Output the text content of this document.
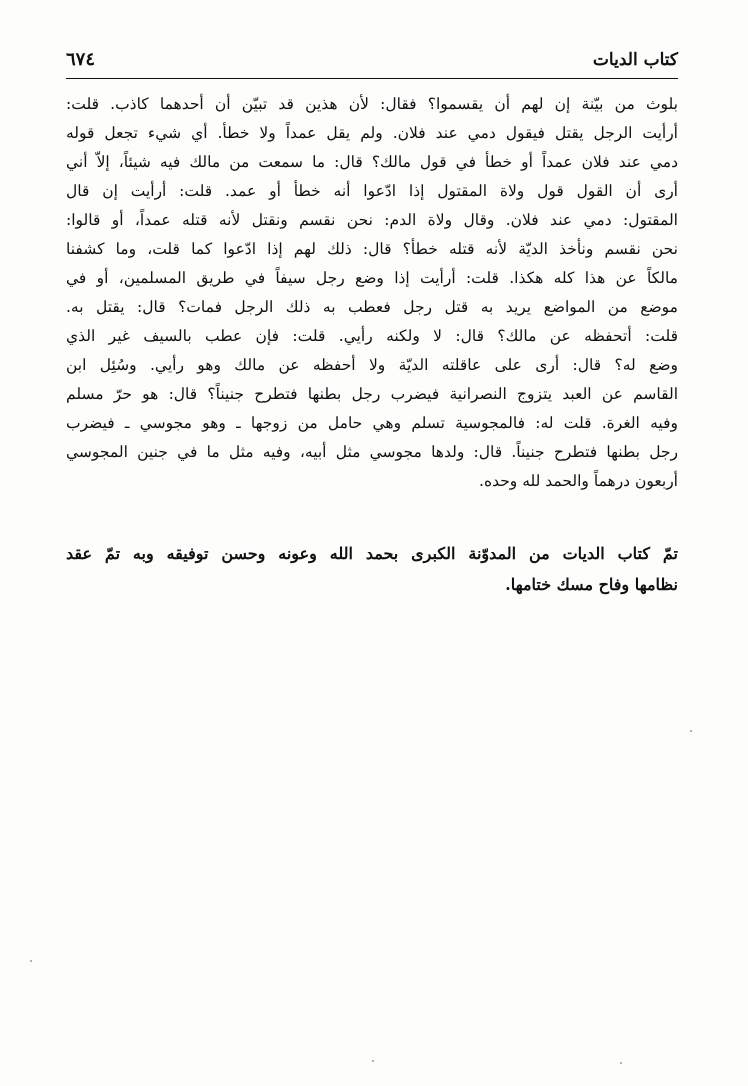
كتاب الديات
٦٧٤
بلوث من بيّنة إن لهم أن يقسموا؟ فقال: لأن هذين قد تبيّن أن أحدهما كاذب. قلت:
أرأيت الرجل يقتل فيقول دمي عند فلان. ولم يقل عمداً ولا خطأ. أي شيء تجعل قوله
دمي عند فلان عمداً أو خطأ في قول مالك؟ قال: ما سمعت من مالك فيه شيئاً، إلاّ أني
أرى أن القول قول ولاة المقتول إذا ادّعوا أنه خطأ أو عمد. قلت: أرأيت إن قال
المقتول: دمي عند فلان. وقال ولاة الدم: نحن نقسم ونقتل لأنه قتله عمداً، أو قالوا:
نحن نقسم ونأخذ الديّة لأنه قتله خطأ؟ قال: ذلك لهم إذا ادّعوا كما قلت، وما كشفنا
مالكاً عن هذا كله هكذا. قلت: أرأيت إذا وضع رجل سيفاً في طريق المسلمين، أو في
موضع من المواضع يريد به قتل رجل فعطب به ذلك الرجل فمات؟ قال: يقتل به.
قلت: أتحفظه عن مالك؟ قال: لا ولكنه رأيي. قلت: فإن عطب بالسيف غير الذي
وضع له؟ قال: أرى على عاقلته الديّة ولا أحفظه عن مالك وهو رأيي. وسُئِل ابن
القاسم عن العبد يتزوج النصرانية فيضرب رجل بطنها فتطرح جنيناً؟ قال: هو حرّ مسلم
وفيه الغرة. قلت له: فالمجوسية تسلم وهي حامل من زوجها ـ وهو مجوسي ـ فيضرب
رجل بطنها فتطرح جنيناً. قال: ولدها مجوسي مثل أبيه، وفيه مثل ما في جنين المجوسي
أربعون درهماً والحمد لله وحده.
تمّ كتاب الديات من المدوّنة الكبرى بحمد الله وعونه وحسن توفيقه وبه تمّ عقد
نظامها وفاح مسك ختامها.
